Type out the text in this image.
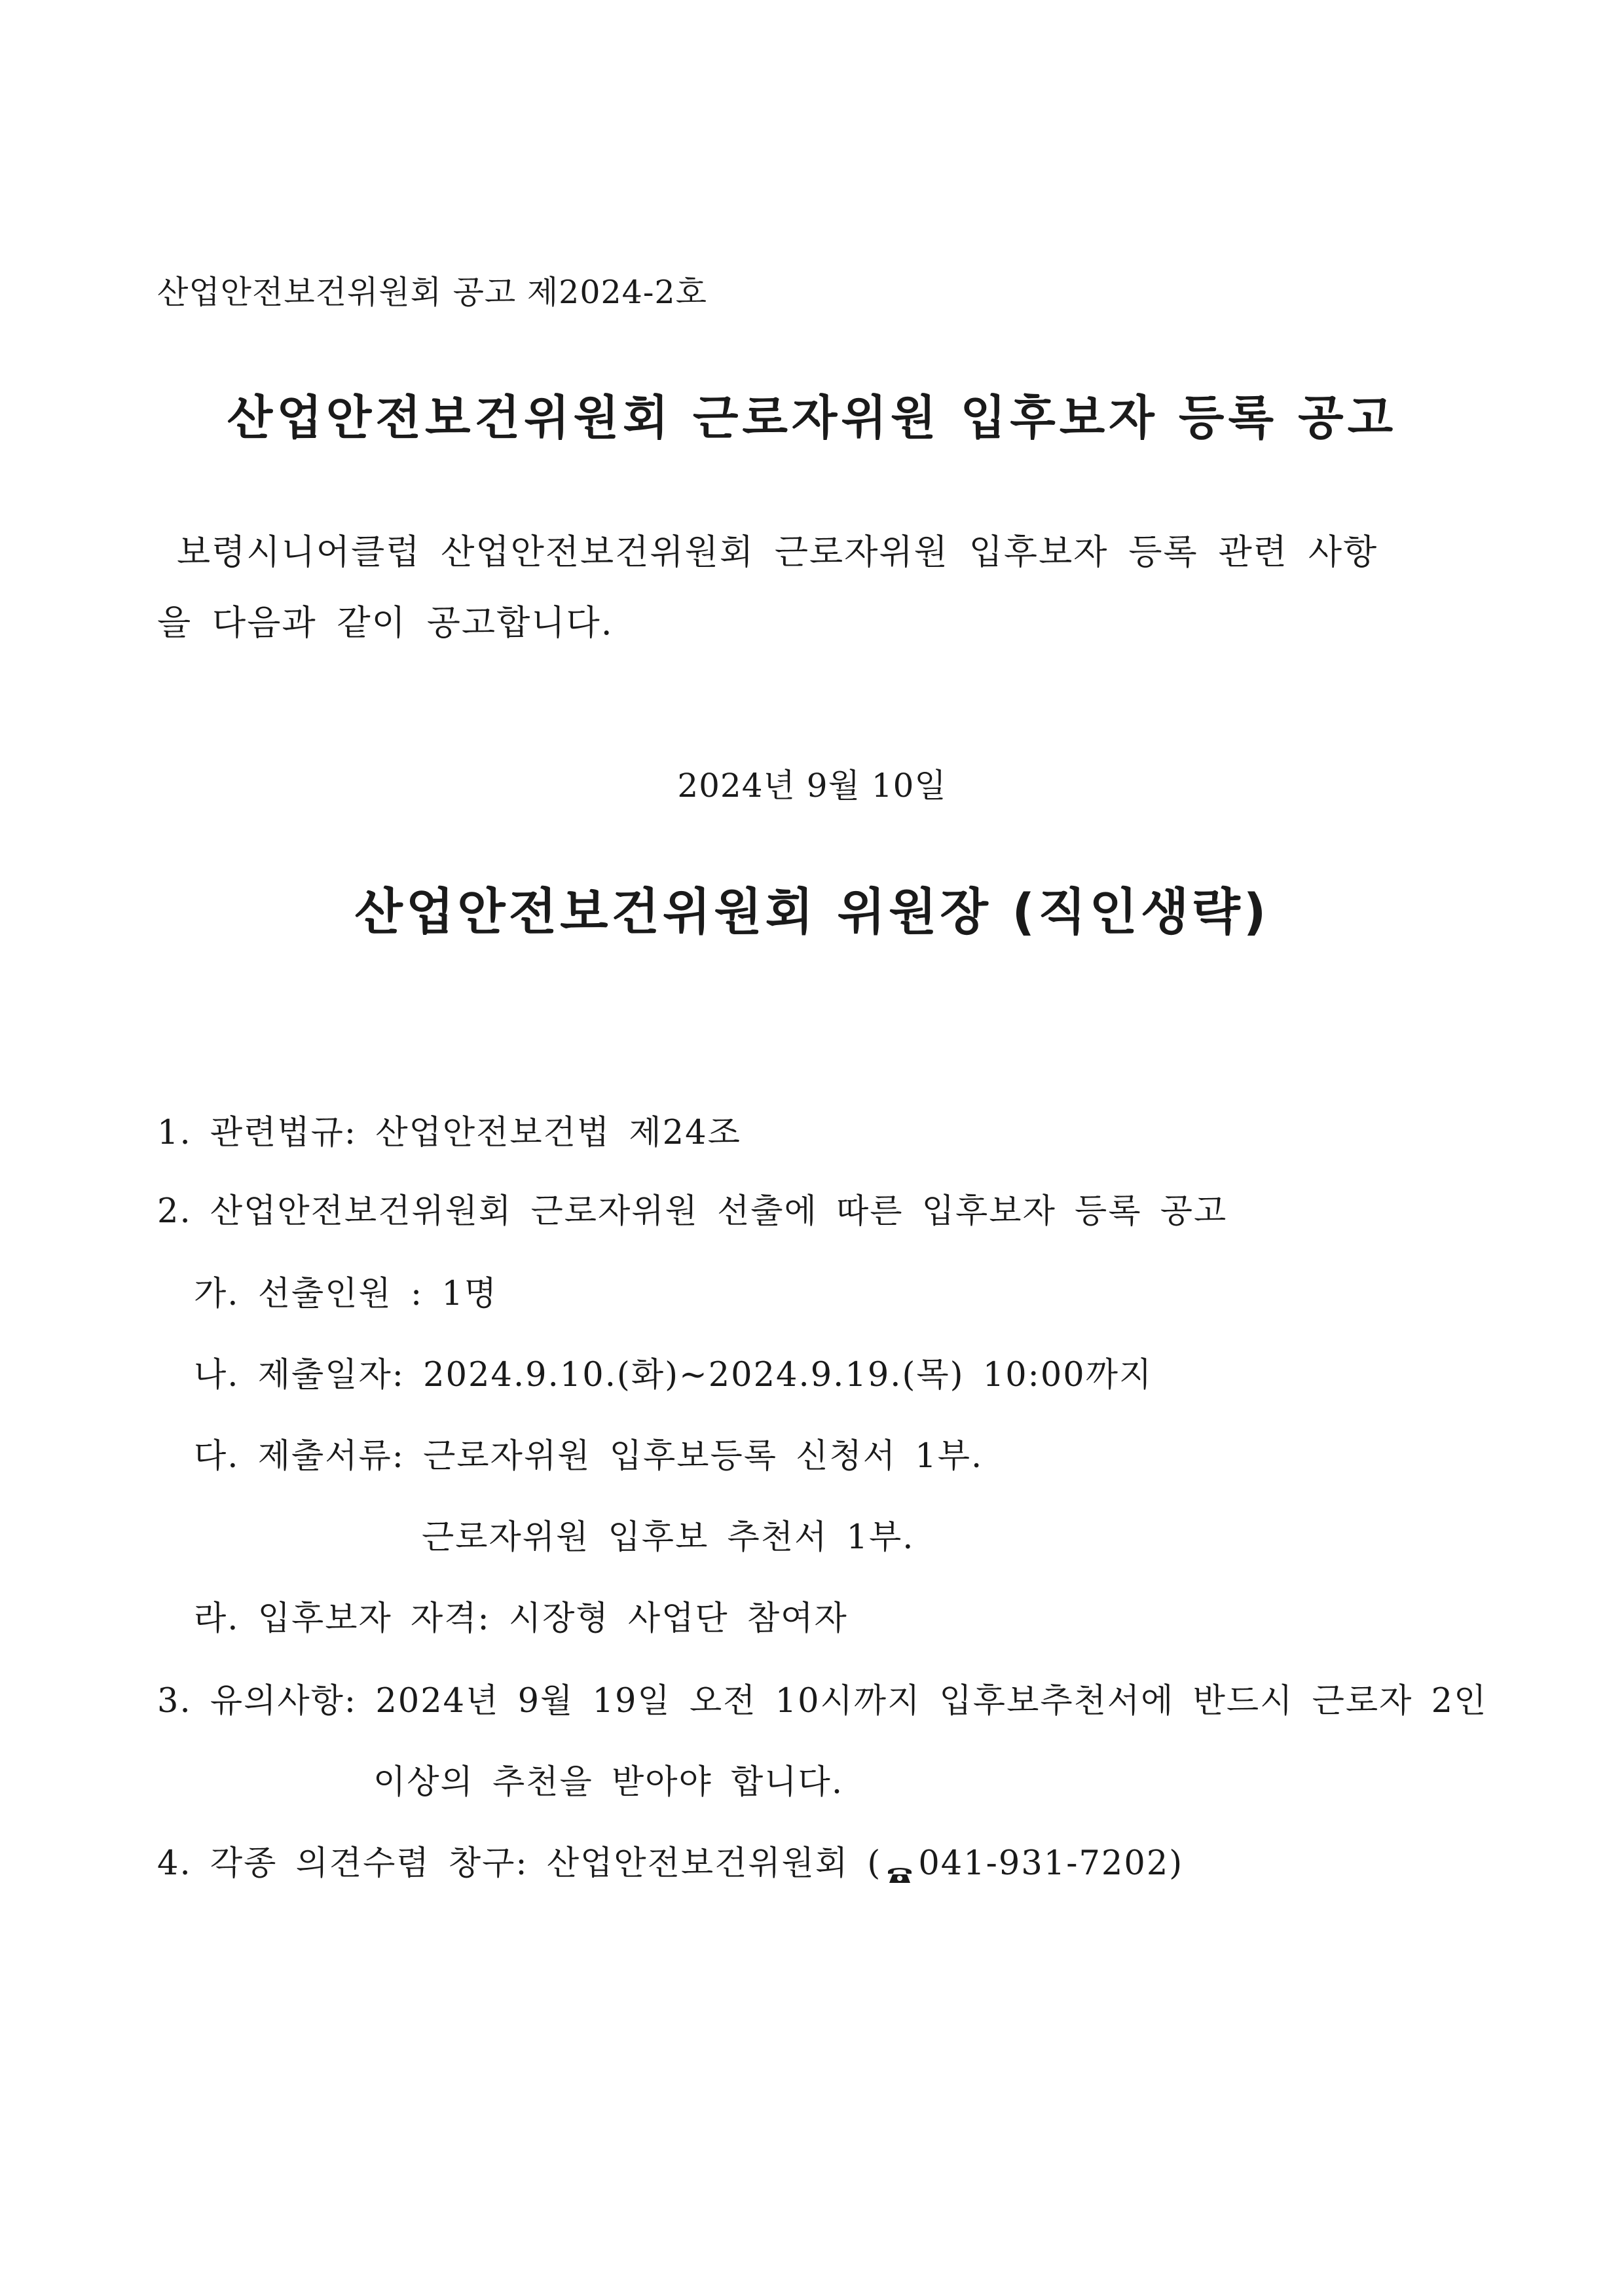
산업안전보건위원회 공고 제2024-2호
산업안전보건위원회 근로자위원 입후보자 등록 공고
보령시니어클럽 산업안전보건위원회 근로자위원 입후보자 등록 관련 사항
을 다음과 같이 공고합니다.
2024년 9월 10일
산업안전보건위원회 위원장 (직인생략)
1. 관련법규: 산업안전보건법 제24조
2. 산업안전보건위원회 근로자위원 선출에 따른 입후보자 등록 공고
가. 선출인원 : 1명
나. 제출일자: 2024.9.10.(화)~2024.9.19.(목) 10:00까지
다. 제출서류: 근로자위원 입후보등록 신청서 1부.
근로자위원 입후보 추천서 1부.
라. 입후보자 자격: 시장형 사업단 참여자
3. 유의사항: 2024년 9월 19일 오전 10시까지 입후보추천서에 반드시 근로자 2인
이상의 추천을 받아야 합니다.
4. 각종 의견수렴 창구: 산업안전보건위원회 ( 041-931-7202)
